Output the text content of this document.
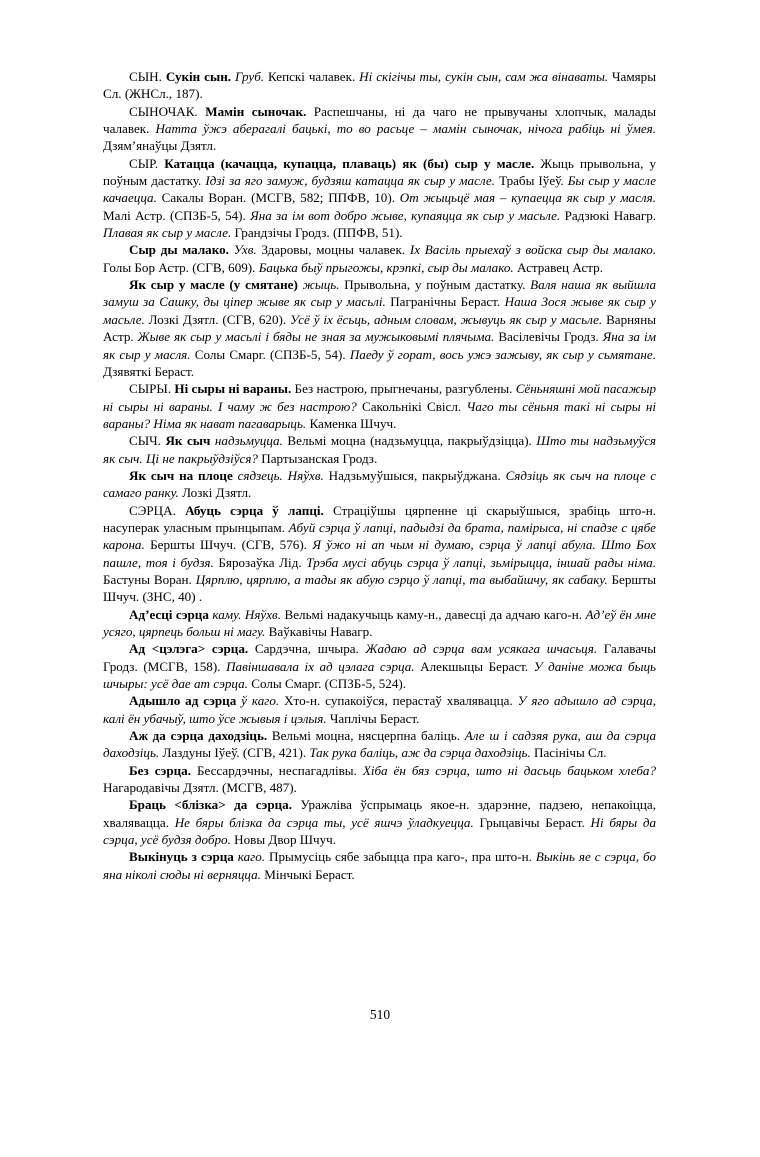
СЫН. Сукін сын. Груб. Кепскі чалавек. Ні скігічы ты, сукін сын, сам жа вінаваты. Чамяры Сл. (ЖНСл., 187).

СЫНОЧАК. Мамін сыночак. Распешчаны, ні да чаго не прывучаны хлопчык, малады чалавек. Натта ўжэ аберагалі бацькі, то во расьце – мамін сыночак, нічога рабіць ні ўмея. Дзям’янаўцы Дзятл.

СЫР. Катацца (качацца, купацца, плаваць) як (бы) сыр у масле. Жыць прывольна, у поўным дастатку. Ідзі за яго замуж, будзяш катацца як сыр у масле. Трабы Іўеў. Бы сыр у масле качаецца. Сакалы Воран. (МСГВ, 582; ППФВ, 10). От жыцьцё мая – купаецца як сыр у масля. Малі Астр. (СПЗБ-5, 54). Яна за ім вот добро жыве, купаяцца як сыр у масьле. Радзюкі Навагр. Плавая як сыр у масле. Грандзічы Гродз. (ППФВ, 51).

Сыр ды малако. Ухв. Здаровы, моцны чалавек. Іх Васіль прыехаў з войска сыр ды малако. Голы Бор Астр. (СГВ, 609). Бацька быў прыгожы, крэпкі, сыр ды малако. Астравец Астр.

Як сыр у масле (у смятане) жыць. Прывольна, у поўным дастатку. Валя наша як выйшла замуш за Сашку, ды ціпер жыве як сыр у масьлі. Пагранічны Бераст. Наша Зося жыве як сыр у масьле. Лозкі Дзятл. (СГВ, 620). Усё ў іх ёсьць, адным словам, жывуць як сыр у масьле. Варняны Астр. Жыве як сыр у масьлі і бяды не зная за мужыковымі плячыма. Васілевічы Гродз. Яна за ім як сыр у масля. Солы Смарг. (СПЗБ-5, 54). Паеду ў горат, вось ужэ зажыву, як сыр у сьмятане. Дзявяткі Бераст.

СЫРЫ. Ні сыры ні вараны. Без настрою, прыгнечаны, разгублены. Сёньняшні мой пасажыр ні сыры ні вараны. І чаму ж без настрою? Сакольнікі Свісл. Чаго ты сёньня такі ні сыры ні вараны? Німа як нават пагаварыць. Каменка Шчуч.

СЫЧ. Як сыч надзьмуцца. Вельмі моцна (надзьмуцца, пакрыўдзіцца). Што ты надзьмуўся як сыч. Ці не пакрыўдзіўся? Партызанская Гродз.

Як сыч на плоце сядзець. Няўхв. Надзьмуўшыся, пакрыўджана. Сядзіць як сыч на плоце с самаго ранку. Лозкі Дзятл.

СЭРЦА. Абуць сэрца ў лапці. Страціўшы цярпенне ці скарыўшыся, зрабіць што-н. насуперак уласным прынцыпам. Абуй сэрца ў лапці, падыдзі да брата, памірыса, ні спадзе с цябе карона. Бершты Шчуч. (СГВ, 576). Я ўжо ні ап чым ні думаю, сэрца ў лапці абула. Што Бох пашле, тоя і будзя. Бярозаўка Лід. Трэба мусі абуць сэрца ў лапці, зьмірыцца, іншай рады німа. Бастуны Воран. Цярплю, цярплю, а тады як абую сэрцо ў лапці, та выбайшчу, як сабаку. Бершты Шчуч. (ЗНС, 40) .

Ад’есці сэрца каму. Няўхв. Вельмі надакучыць каму-н., давесці да адчаю каго-н. Ад’еў ён мне усяго, цярпець больш ні магу. Ваўкавічы Навагр.

Ад <цэлэга> сэрца. Сардэчна, шчыра. Жадаю ад сэрца вам усякага шчасьця. Галавачы Гродз. (МСГВ, 158). Павіншавала іх ад цэлага сэрца. Алекшыцы Бераст. У даніне можа быць шчыры: усё дае ат сэрца. Солы Смарг. (СПЗБ-5, 524).

Адышло ад сэрца ў каго. Хто-н. супакоіўся, перастаў хвалявацца. У яго адышло ад сэрца, калі ён убачыў, што ўсе жывыя і цэлыя. Чаплічы Бераст.

Аж да сэрца даходзіць. Вельмі моцна, нясцерпна баліць. Але ш і садзяя рука, аш да сэрца даходзіць. Лаздуны Іўеў. (СГВ, 421). Так рука баліць, аж да сэрца даходзіць. Пасінічы Сл.

Без сэрца. Бессардэчны, неспагадлівы. Хіба ён бяз сэрца, што ні дасьць бацьком хлеба? Нагародавічы Дзятл. (МСГВ, 487).

Браць <блізка> да сэрца. Уражліва ўспрымаць якое-н. здарэнне, падзею, непакоіцца, хвалявацца. Не бяры блізка да сэрца ты, усё яшчэ ўладкуецца. Грыцавічы Бераст. Ні бяры да сэрца, усё будзя добро. Новы Двор Шчуч.

Выкінуць з сэрца каго. Прымусіць сябе забыцца пра каго-, пра што-н. Выкінь яе с сэрца, бо яна ніколі сюды ні верняцца. Мінчыкі Бераст.

510
